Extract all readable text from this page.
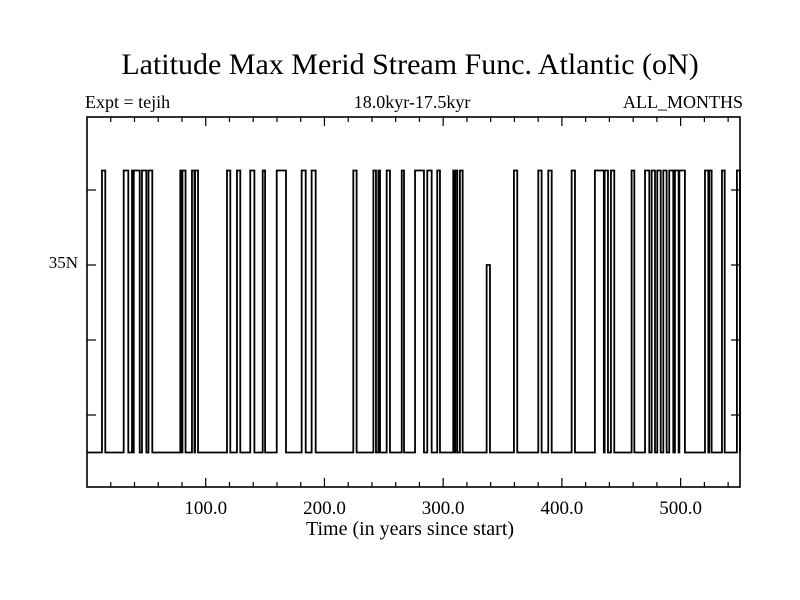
Latitude Max Merid Stream Func. Atlantic (oN)
Expt = tejih	18.0kyr-17.5kyr	ALL_MONTHS
35N
100.0	200.0	300.0	400.0	500.0
Time (in years since start)
